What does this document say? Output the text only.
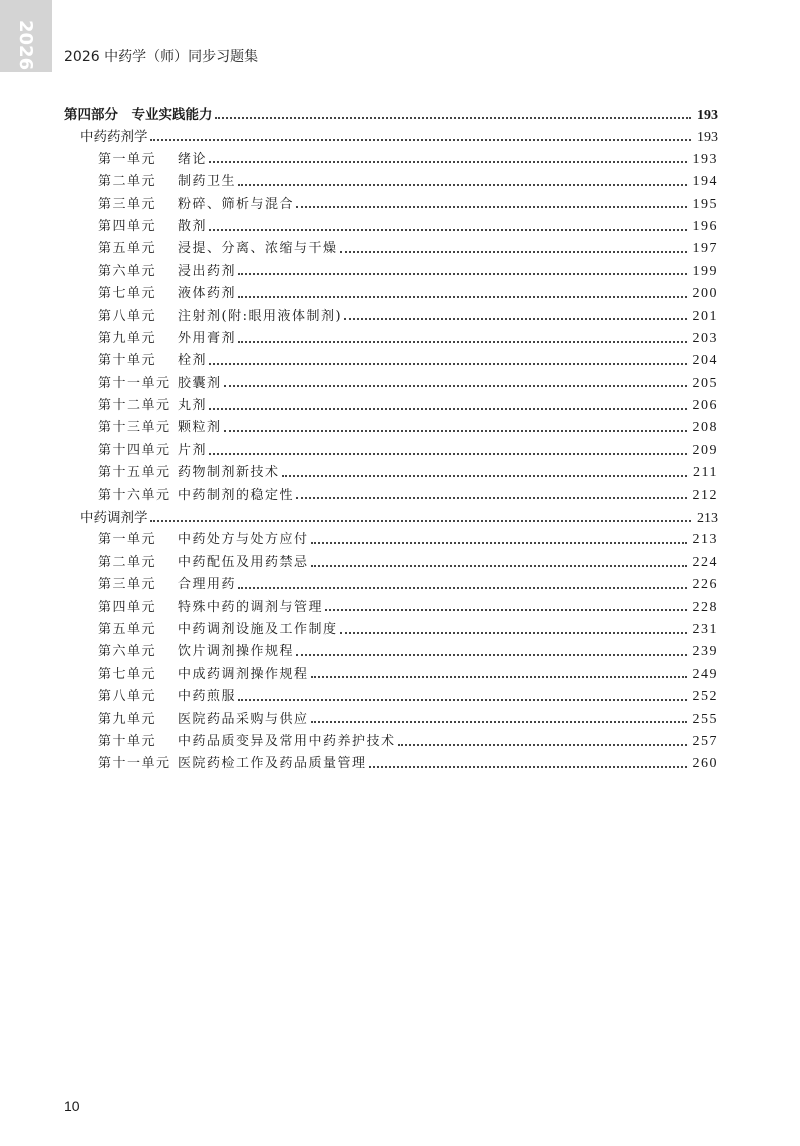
2026 2026 中药学（师）同步习题集
第四部分　专业实践能力	193
中药药剂学	193
第一单元	绪论	193
第二单元	制药卫生	194
第三单元	粉碎、筛析与混合	195
第四单元	散剂	196
第五单元	浸提、分离、浓缩与干燥	197
第六单元	浸出药剂	199
第七单元	液体药剂	200
第八单元	注射剂(附:眼用液体制剂)	201
第九单元	外用膏剂	203
第十单元	栓剂	204
第十一单元 胶囊剂	205
第十二单元 丸剂	206
第十三单元 颗粒剂	208
第十四单元 片剂	209
第十五单元 药物制剂新技术	211
第十六单元 中药制剂的稳定性	212
中药调剂学	213
第一单元	中药处方与处方应付	213
第二单元	中药配伍及用药禁忌	224
第三单元	合理用药	226
第四单元	特殊中药的调剂与管理	228
第五单元	中药调剂设施及工作制度	231
第六单元	饮片调剂操作规程	239
第七单元	中成药调剂操作规程	249
第八单元	中药煎服	252
第九单元	医院药品采购与供应	255
第十单元	中药品质变异及常用中药养护技术	257
第十一单元 医院药检工作及药品质量管理	260
10
